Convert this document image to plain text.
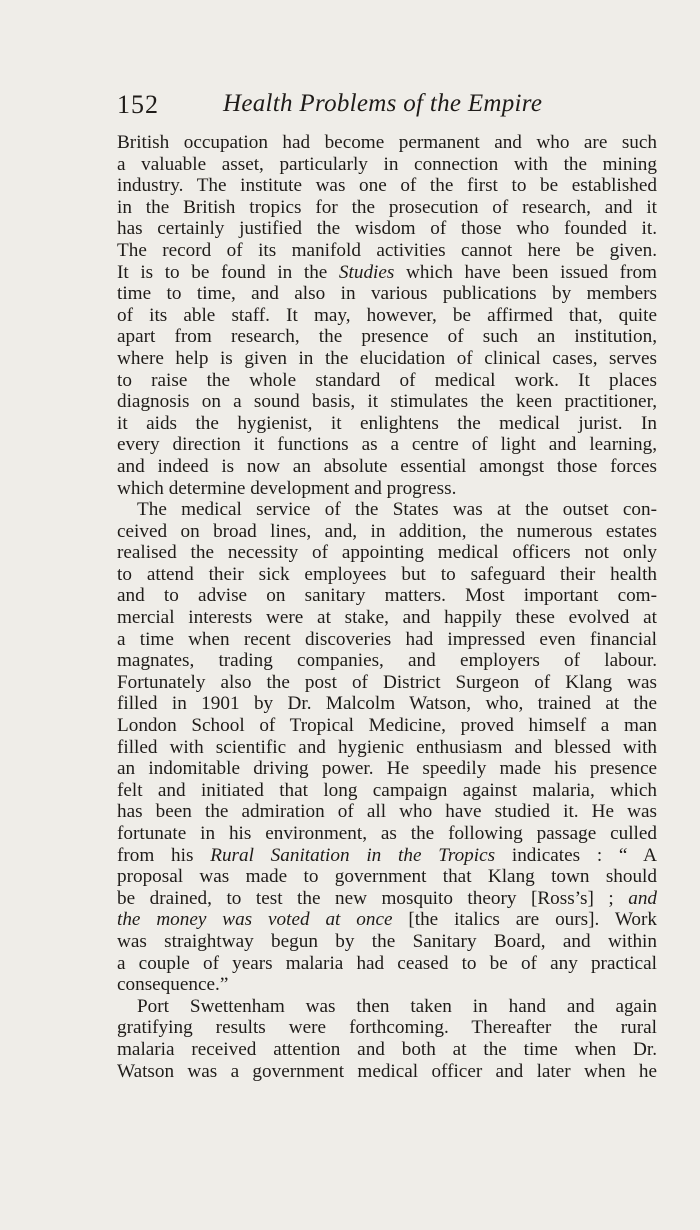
152	Health Problems of the Empire
British occupation had become permanent and who are such
a valuable asset, particularly in connection with the mining
industry. The institute was one of the first to be established
in the British tropics for the prosecution of research, and it
has certainly justified the wisdom of those who founded it.
The record of its manifold activities cannot here be given.
It is to be found in the Studies which have been issued from
time to time, and also in various publications by members
of its able staff. It may, however, be affirmed that, quite
apart from research, the presence of such an institution,
where help is given in the elucidation of clinical cases, serves
to raise the whole standard of medical work. It places
diagnosis on a sound basis, it stimulates the keen practitioner,
it aids the hygienist, it enlightens the medical jurist. In
every direction it functions as a centre of light and learning,
and indeed is now an absolute essential amongst those forces
which determine development and progress.
The medical service of the States was at the outset con-
ceived on broad lines, and, in addition, the numerous estates
realised the necessity of appointing medical officers not only
to attend their sick employees but to safeguard their health
and to advise on sanitary matters. Most important com-
mercial interests were at stake, and happily these evolved at
a time when recent discoveries had impressed even financial
magnates, trading companies, and employers of labour.
Fortunately also the post of District Surgeon of Klang was
filled in 1901 by Dr. Malcolm Watson, who, trained at the
London School of Tropical Medicine, proved himself a man
filled with scientific and hygienic enthusiasm and blessed with
an indomitable driving power. He speedily made his presence
felt and initiated that long campaign against malaria, which
has been the admiration of all who have studied it. He was
fortunate in his environment, as the following passage culled
from his Rural Sanitation in the Tropics indicates : “ A
proposal was made to government that Klang town should
be drained, to test the new mosquito theory [Ross’s] ; and
the money was voted at once [the italics are ours]. Work
was straightway begun by the Sanitary Board, and within
a couple of years malaria had ceased to be of any practical
consequence.”
Port Swettenham was then taken in hand and again
gratifying results were forthcoming. Thereafter the rural
malaria received attention and both at the time when Dr.
Watson was a government medical officer and later when he
